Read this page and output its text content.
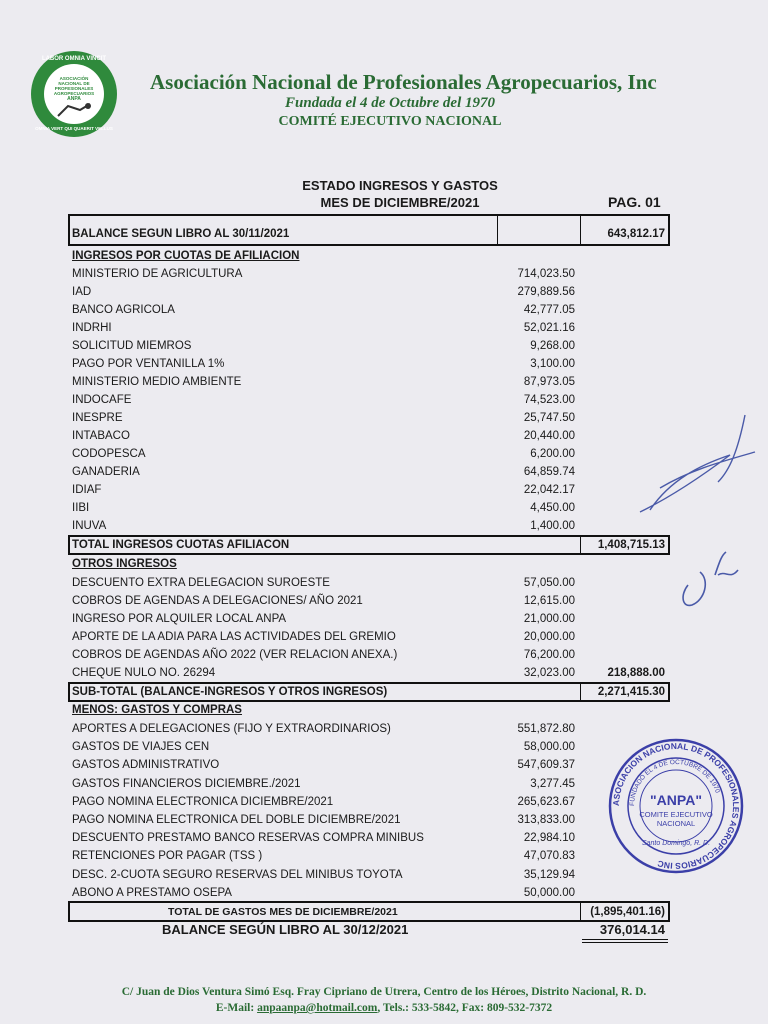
LABOR OMNIA VINCIT
ASOCIACIÓN NACIONAL DE PROFESIONALES AGROPECUARIOS
ANPA
OMNIA VERT QUI QUAERIT VELLUS
Asociación Nacional de Profesionales Agropecuarios, Inc
Fundada el 4 de Octubre del 1970
COMITÉ EJECUTIVO NACIONAL
ESTADO INGRESOS Y GASTOS
MES DE DICIEMBRE/2021	PAG. 01
BALANCE SEGUN LIBRO AL 30/11/2021	643,812.17
INGRESOS POR CUOTAS DE AFILIACION
MINISTERIO DE AGRICULTURA	714,023.50
IAD	279,889.56
BANCO AGRICOLA	42,777.05
INDRHI	52,021.16
SOLICITUD MIEMROS	9,268.00
PAGO POR VENTANILLA 1%	3,100.00
MINISTERIO MEDIO AMBIENTE	87,973.05
INDOCAFE	74,523.00
INESPRE	25,747.50
INTABACO	20,440.00
CODOPESCA	6,200.00
GANADERIA	64,859.74
IDIAF	22,042.17
IIBI	4,450.00
INUVA	1,400.00
TOTAL INGRESOS CUOTAS AFILIACON	1,408,715.13
OTROS INGRESOS
DESCUENTO EXTRA DELEGACION SUROESTE	57,050.00
COBROS DE AGENDAS A DELEGACIONES/ AÑO 2021	12,615.00
INGRESO POR ALQUILER LOCAL ANPA	21,000.00
APORTE DE LA ADIA PARA LAS ACTIVIDADES DEL GREMIO	20,000.00
COBROS DE AGENDAS AÑO 2022 (VER RELACION ANEXA.)	76,200.00
CHEQUE NULO NO. 26294	32,023.00	218,888.00
SUB-TOTAL (BALANCE-INGRESOS Y OTROS INGRESOS)	2,271,415.30
MENOS: GASTOS Y COMPRAS
APORTES A DELEGACIONES (FIJO Y EXTRAORDINARIOS)	551,872.80
GASTOS DE VIAJES CEN	58,000.00
GASTOS ADMINISTRATIVO	547,609.37
GASTOS FINANCIEROS DICIEMBRE./2021	3,277.45
PAGO NOMINA ELECTRONICA DICIEMBRE/2021	265,623.67
PAGO NOMINA ELECTRONICA DEL DOBLE DICIEMBRE/2021	313,833.00
DESCUENTO PRESTAMO BANCO RESERVAS COMPRA MINIBUS	22,984.10
RETENCIONES POR PAGAR (TSS )	47,070.83
DESC. 2-CUOTA SEGURO RESERVAS DEL MINIBUS TOYOTA	35,129.94
ABONO A PRESTAMO OSEPA	50,000.00
TOTAL DE GASTOS MES DE DICIEMBRE/2021	(1,895,401.16)
BALANCE SEGÚN LIBRO AL 30/12/2021	376,014.14
ASOCIACION NACIONAL DE PROFESIONALES AGROPECUARIOS INC
FUNDADO EL 4 DE OCTUBRE DE 1970
"ANPA"
COMITE EJECUTIVO
NACIONAL
Santo Domingo, R. D.
C/ Juan de Dios Ventura Simó Esq. Fray Cipriano de Utrera, Centro de los Héroes, Distrito Nacional, R. D.
E-Mail: anpaanpa@hotmail.com, Tels.: 533-5842, Fax: 809-532-7372
